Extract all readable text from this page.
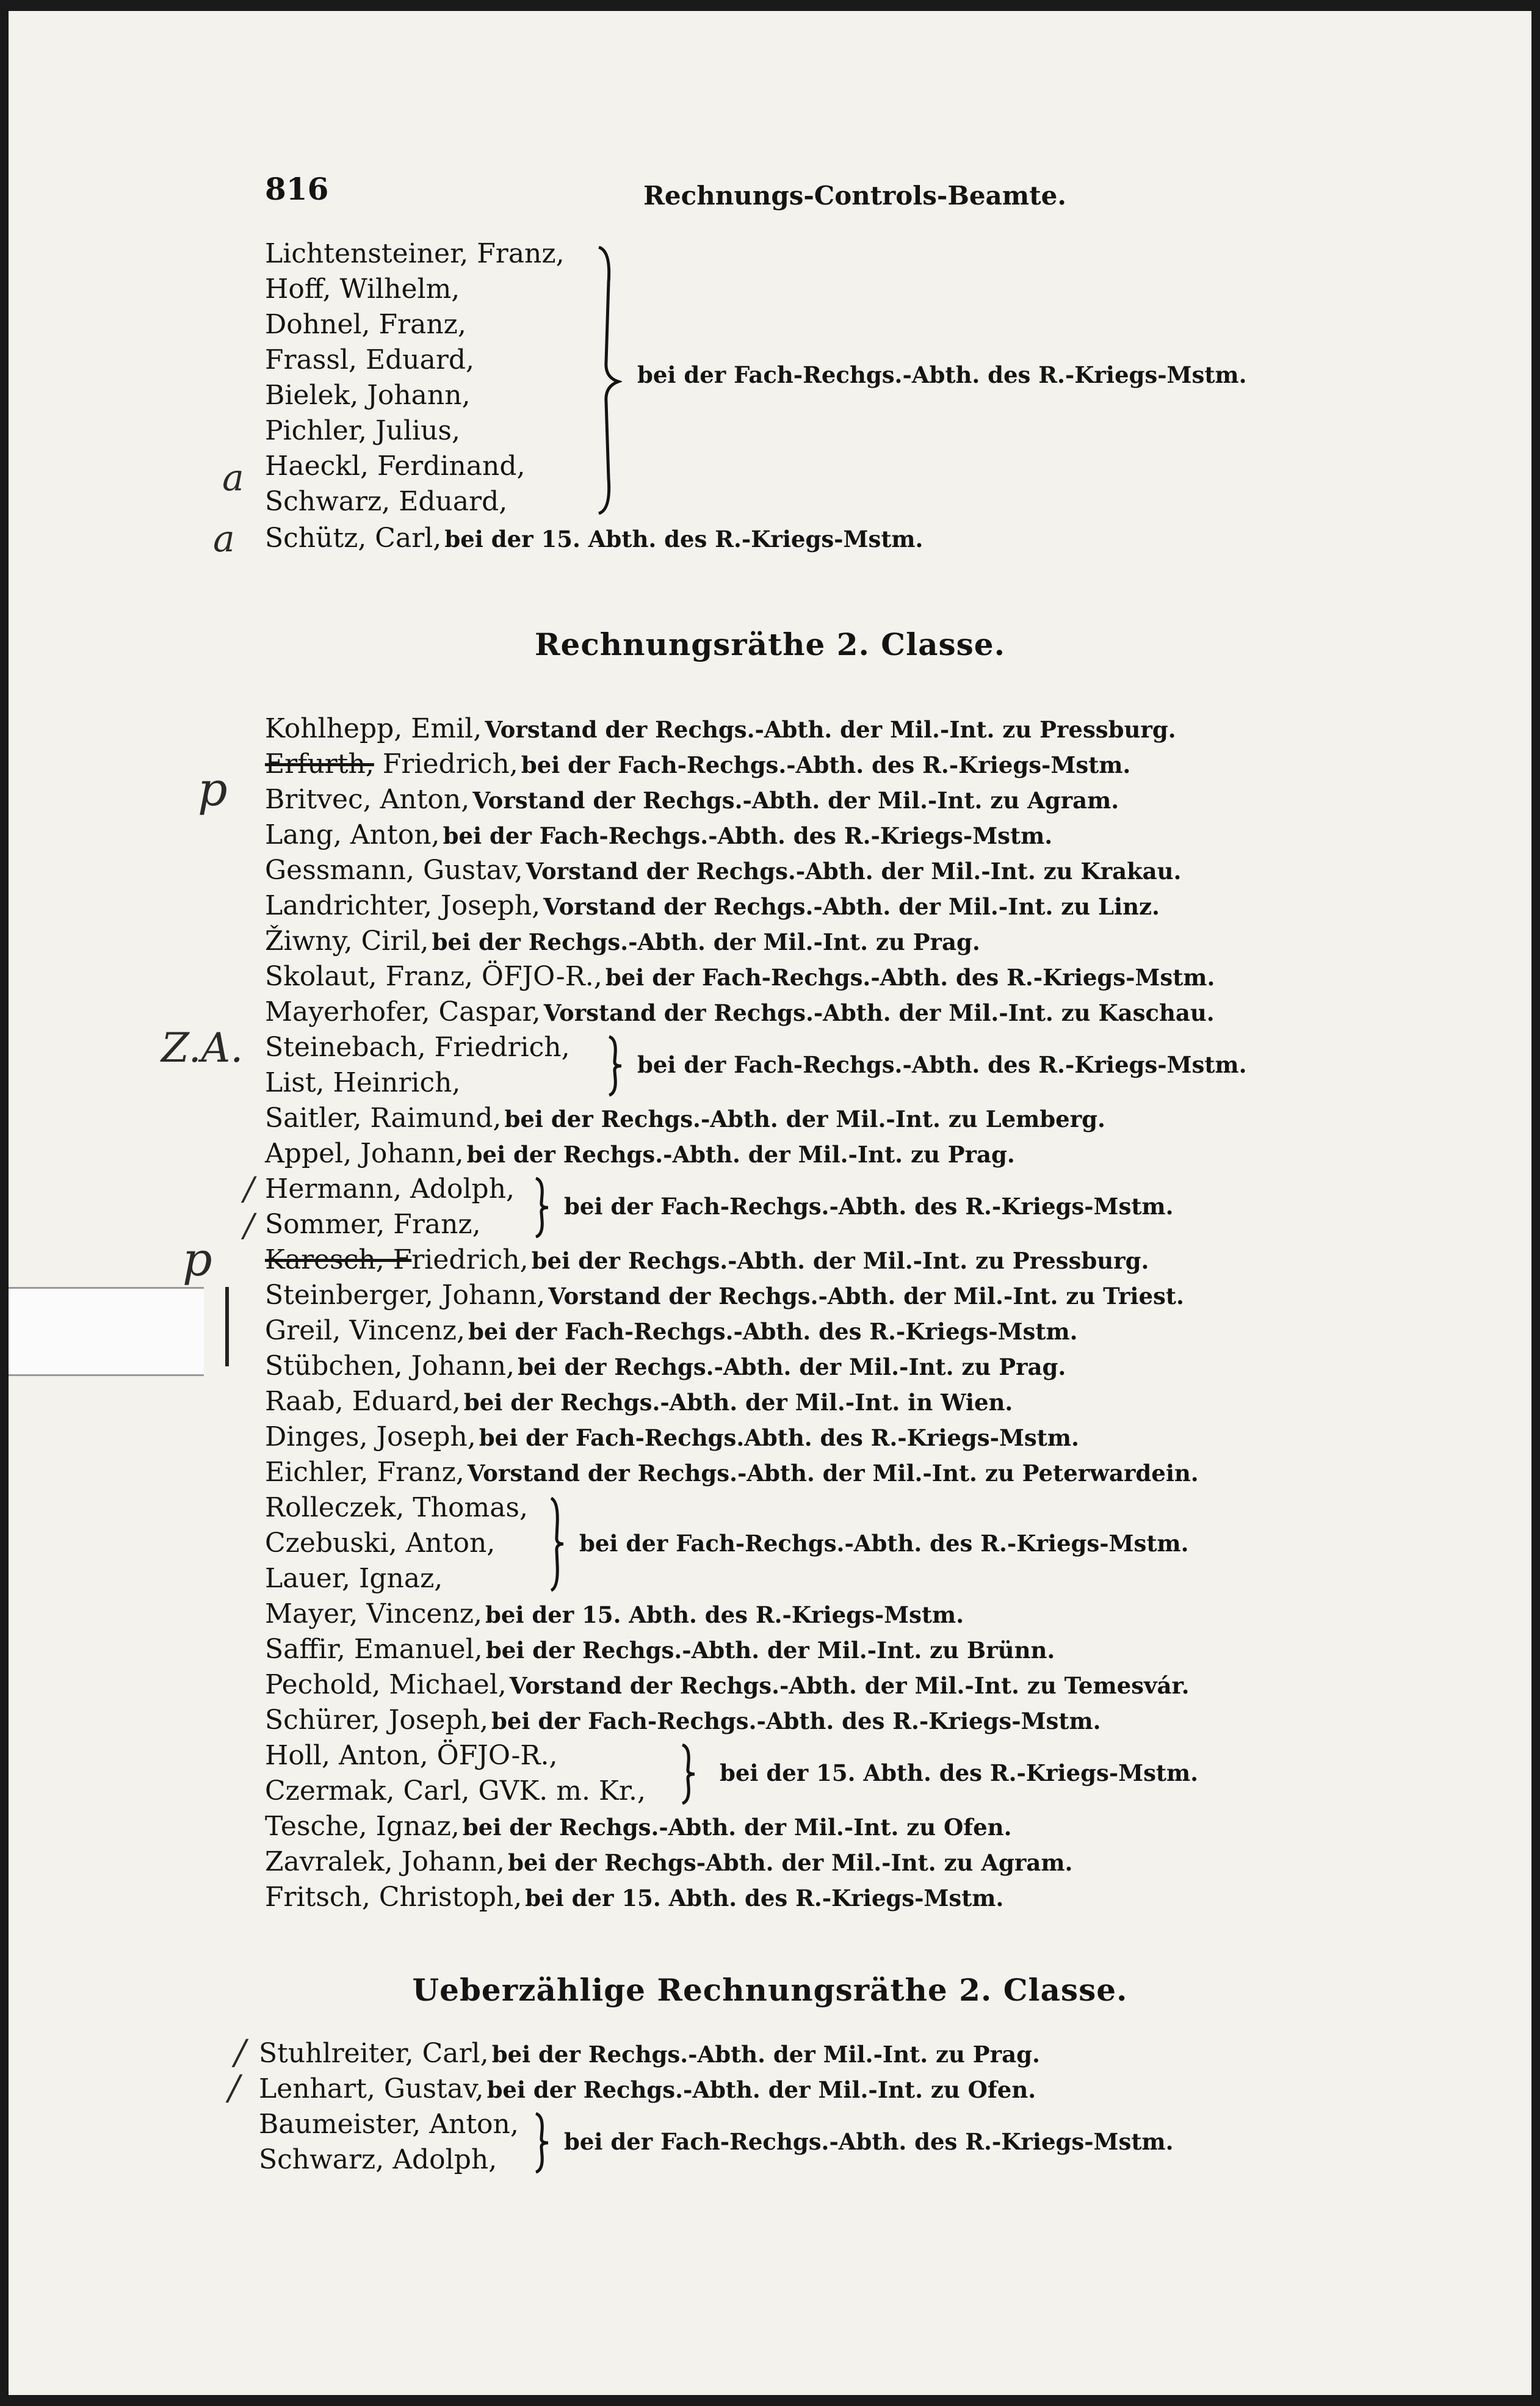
816	Rechnungs-Controls-Beamte.
Lichtensteiner, Franz,
Hoff, Wilhelm,
Dohnel, Franz,
Frassl, Eduard,
Bielek, Johann,
Pichler, Julius,
Haeckl, Ferdinand,
Schwarz, Eduard,
bei der Fach-Rechgs.-Abth. des R.-Kriegs-Mstm.
Schütz, Carl, bei der 15. Abth. des R.-Kriegs-Mstm.
Rechnungsräthe 2. Classe.
Kohlhepp, Emil, Vorstand der Rechgs.-Abth. der Mil.-Int. zu Pressburg.
Erfurth, Friedrich, bei der Fach-Rechgs.-Abth. des R.-Kriegs-Mstm.
Britvec, Anton, Vorstand der Rechgs.-Abth. der Mil.-Int. zu Agram.
Lang, Anton, bei der Fach-Rechgs.-Abth. des R.-Kriegs-Mstm.
Gessmann, Gustav, Vorstand der Rechgs.-Abth. der Mil.-Int. zu Krakau.
Landrichter, Joseph, Vorstand der Rechgs.-Abth. der Mil.-Int. zu Linz.
Žiwny, Ciril, bei der Rechgs.-Abth. der Mil.-Int. zu Prag.
Skolaut, Franz, ÖFJO-R., bei der Fach-Rechgs.-Abth. des R.-Kriegs-Mstm.
Mayerhofer, Caspar, Vorstand der Rechgs.-Abth. der Mil.-Int. zu Kaschau.
Steinebach, Friedrich,
List, Heinrich,
bei der Fach-Rechgs.-Abth. des R.-Kriegs-Mstm.
Saitler, Raimund, bei der Rechgs.-Abth. der Mil.-Int. zu Lemberg.
Appel, Johann, bei der Rechgs.-Abth. der Mil.-Int. zu Prag.
Hermann, Adolph,
Sommer, Franz,
bei der Fach-Rechgs.-Abth. des R.-Kriegs-Mstm.
Karesch, Friedrich, bei der Rechgs.-Abth. der Mil.-Int. zu Pressburg.
Steinberger, Johann, Vorstand der Rechgs.-Abth. der Mil.-Int. zu Triest.
Greil, Vincenz, bei der Fach-Rechgs.-Abth. des R.-Kriegs-Mstm.
Stübchen, Johann, bei der Rechgs.-Abth. der Mil.-Int. zu Prag.
Raab, Eduard, bei der Rechgs.-Abth. der Mil.-Int. in Wien.
Dinges, Joseph, bei der Fach-Rechgs.Abth. des R.-Kriegs-Mstm.
Eichler, Franz, Vorstand der Rechgs.-Abth. der Mil.-Int. zu Peterwardein.
Rolleczek, Thomas,
Czebuski, Anton,
Lauer, Ignaz,
bei der Fach-Rechgs.-Abth. des R.-Kriegs-Mstm.
Mayer, Vincenz, bei der 15. Abth. des R.-Kriegs-Mstm.
Saffir, Emanuel, bei der Rechgs.-Abth. der Mil.-Int. zu Brünn.
Pechold, Michael, Vorstand der Rechgs.-Abth. der Mil.-Int. zu Temesvár.
Schürer, Joseph, bei der Fach-Rechgs.-Abth. des R.-Kriegs-Mstm.
Holl, Anton, ÖFJO-R.,
Czermak, Carl, GVK. m. Kr.,
bei der 15. Abth. des R.-Kriegs-Mstm.
Tesche, Ignaz, bei der Rechgs.-Abth. der Mil.-Int. zu Ofen.
Zavralek, Johann, bei der Rechgs-Abth. der Mil.-Int. zu Agram.
Fritsch, Christoph, bei der 15. Abth. des R.-Kriegs-Mstm.
Ueberzählige Rechnungsräthe 2. Classe.
Stuhlreiter, Carl, bei der Rechgs.-Abth. der Mil.-Int. zu Prag.
Lenhart, Gustav, bei der Rechgs.-Abth. der Mil.-Int. zu Ofen.
Baumeister, Anton,
Schwarz, Adolph,
bei der Fach-Rechgs.-Abth. des R.-Kriegs-Mstm.
a
a
p
Z.A.
/
/
p
/
/
